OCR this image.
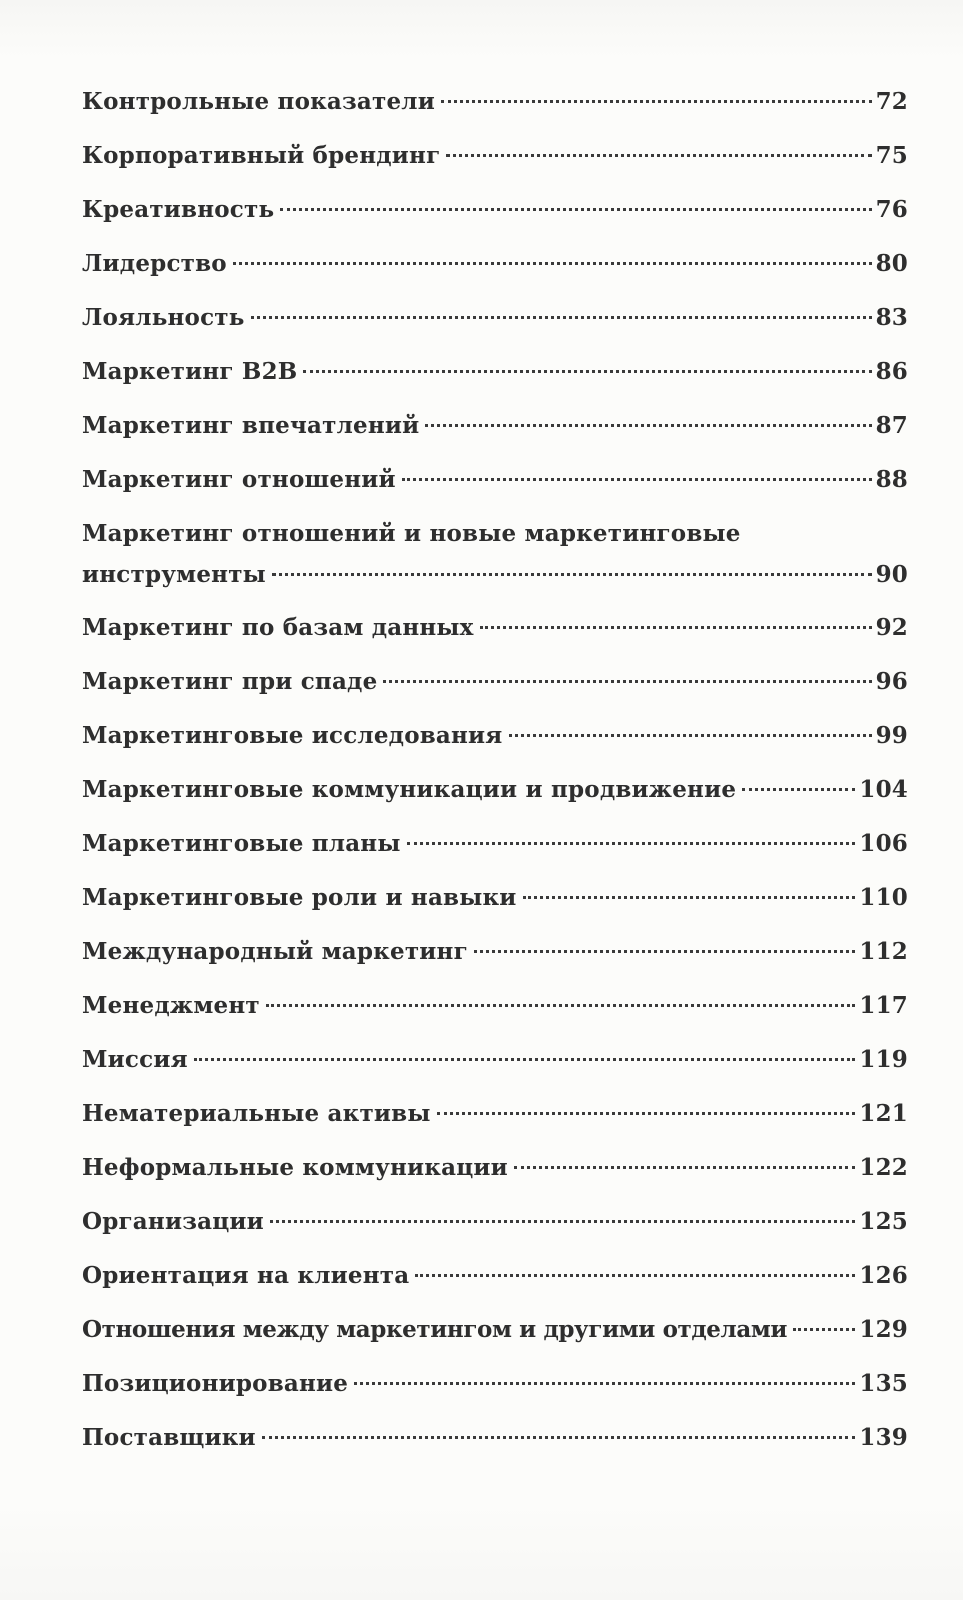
Контрольные показатели	72
Корпоративный брендинг	75
Креативность	76
Лидерство	80
Лояльность	83
Маркетинг B2B	86
Маркетинг впечатлений	87
Маркетинг отношений	88
Маркетинг отношений и новые маркетинговые
инструменты	90
Маркетинг по базам данных	92
Маркетинг при спаде	96
Маркетинговые исследования	99
Маркетинговые коммуникации и продвижение	104
Маркетинговые планы	106
Маркетинговые роли и навыки	110
Международный маркетинг	112
Менеджмент	117
Миссия	119
Нематериальные активы	121
Неформальные коммуникации	122
Организации	125
Ориентация на клиента	126
Отношения между маркетингом и другими отделами	129
Позиционирование	135
Поставщики	139
